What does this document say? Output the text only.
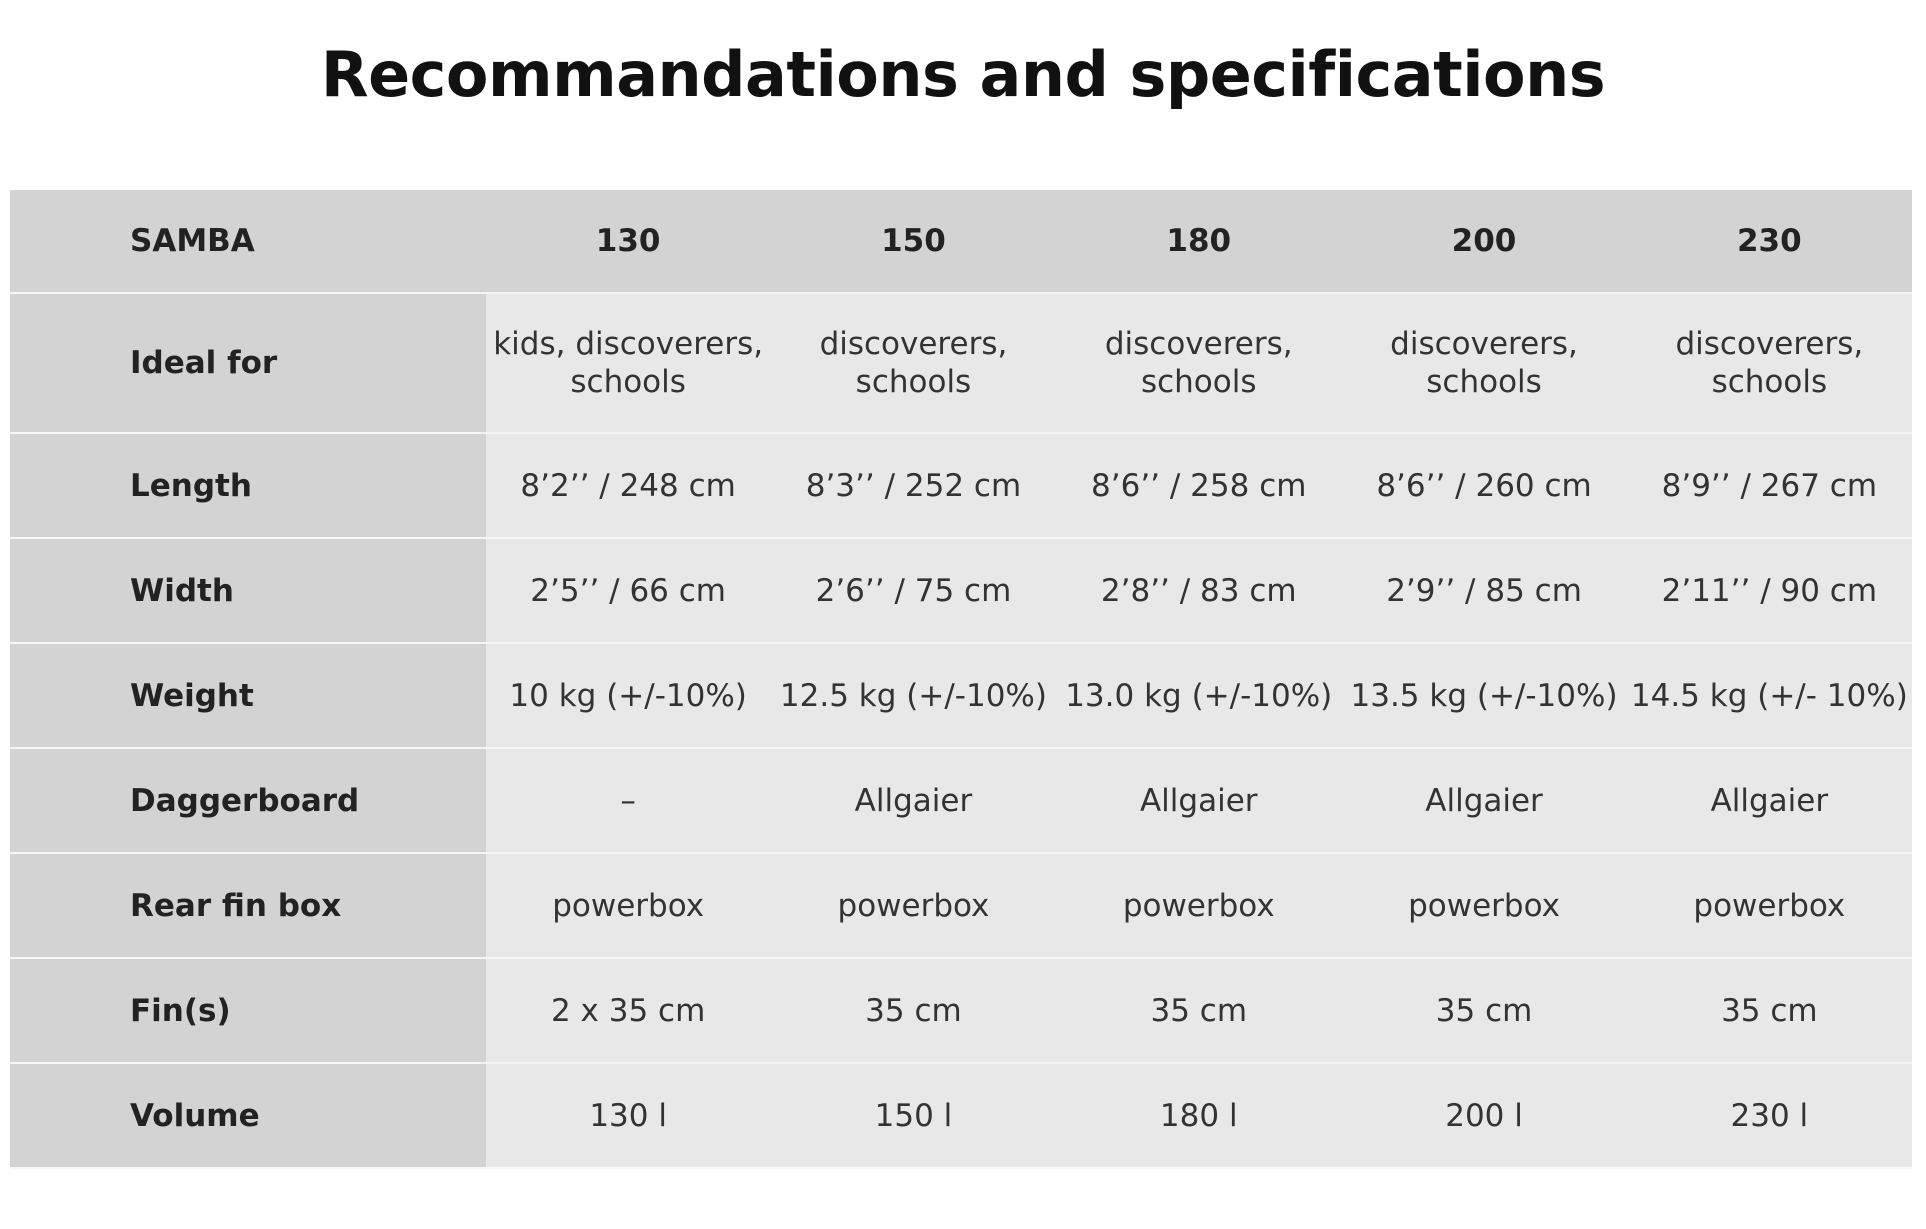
Recommandations and specifications
SAMBA	130	150	180	200	230
Ideal for	kids, discoverers, schools	discoverers, schools	discoverers, schools	discoverers, schools	discoverers, schools
Length	8’2’’ / 248 cm	8’3’’ / 252 cm	8’6’’ / 258 cm	8’6’’ / 260 cm	8’9’’ / 267 cm
Width	2’5’’ / 66 cm	2’6’’ / 75 cm	2’8’’ / 83 cm	2’9’’ / 85 cm	2’11’’ / 90 cm
Weight	10 kg (+/-10%)	12.5 kg (+/-10%)	13.0 kg (+/-10%)	13.5 kg (+/-10%)	14.5 kg (+/- 10%)
Daggerboard	–	Allgaier	Allgaier	Allgaier	Allgaier
Rear fin box	powerbox	powerbox	powerbox	powerbox	powerbox
Fin(s)	2 x 35 cm	35 cm	35 cm	35 cm	35 cm
Volume	130 l	150 l	180 l	200 l	230 l
